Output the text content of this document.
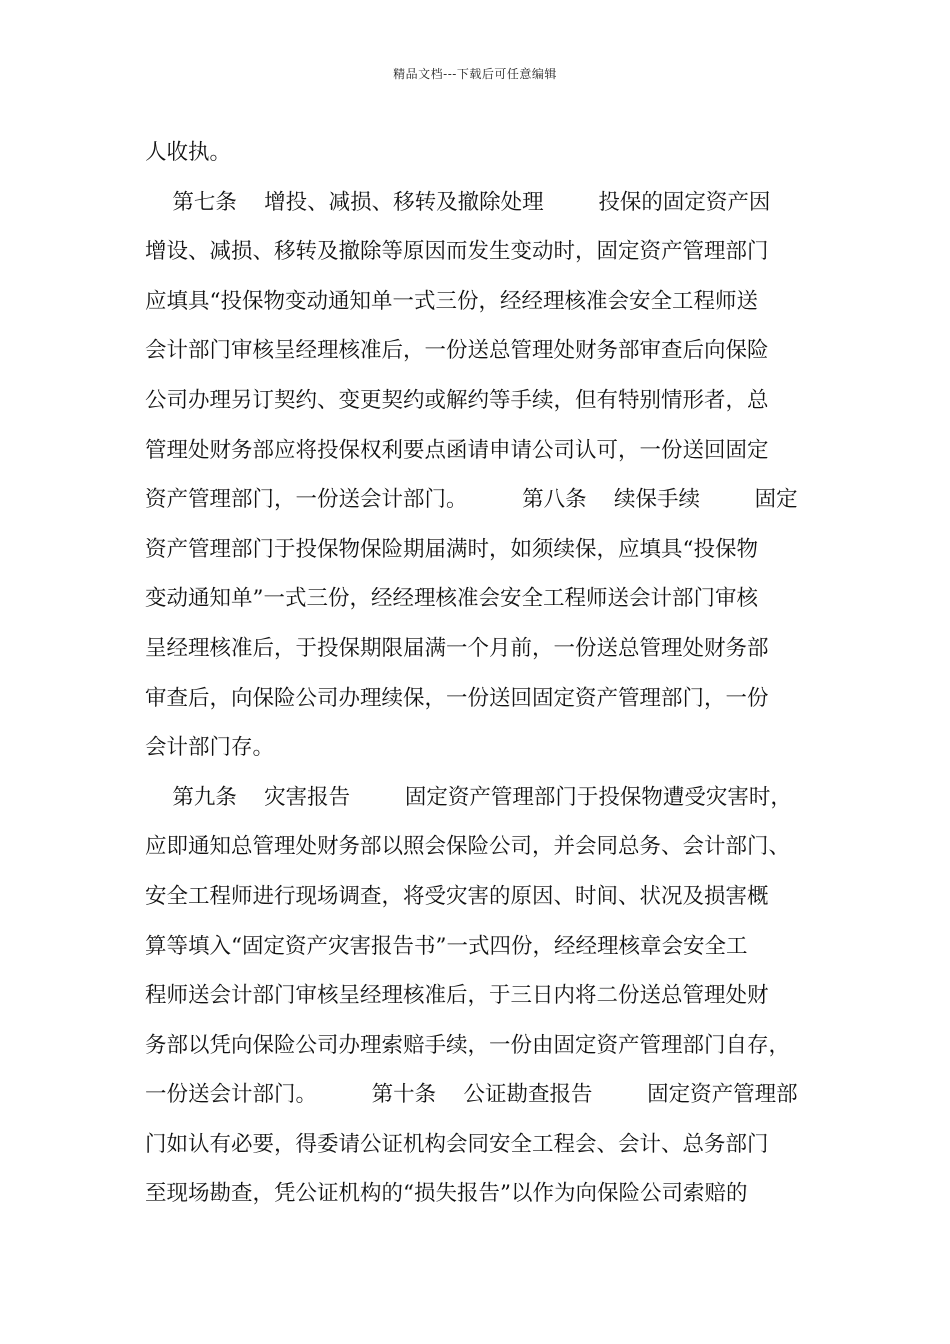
精品文档---下载后可任意编辑
人收执。
第七条    增投、减损、移转及撤除处理        投保的固定资产因
增设、减损、移转及撤除等原因而发生变动时，固定资产管理部门
应填具“投保物变动通知单一式三份，经经理核准会安全工程师送
会计部门审核呈经理核准后，一份送总管理处财务部审查后向保险
公司办理另订契约、变更契约或解约等手续，但有特别情形者，总
管理处财务部应将投保权利要点函请申请公司认可，一份送回固定
资产管理部门，一份送会计部门。        第八条    续保手续        固定
资产管理部门于投保物保险期届满时，如须续保，应填具“投保物
变动通知单”一式三份，经经理核准会安全工程师送会计部门审核
呈经理核准后，于投保期限届满一个月前，一份送总管理处财务部
审查后，向保险公司办理续保，一份送回固定资产管理部门，一份
会计部门存。
第九条    灾害报告        固定资产管理部门于投保物遭受灾害时，
应即通知总管理处财务部以照会保险公司，并会同总务、会计部门、
安全工程师进行现场调查，将受灾害的原因、时间、状况及损害概
算等填入“固定资产灾害报告书”一式四份，经经理核章会安全工
程师送会计部门审核呈经理核准后，于三日内将二份送总管理处财
务部以凭向保险公司办理索赔手续，一份由固定资产管理部门自存，
一份送会计部门。        第十条    公证勘查报告        固定资产管理部
门如认有必要，得委请公证机构会同安全工程会、会计、总务部门
至现场勘查，凭公证机构的“损失报告”以作为向保险公司索赔的
